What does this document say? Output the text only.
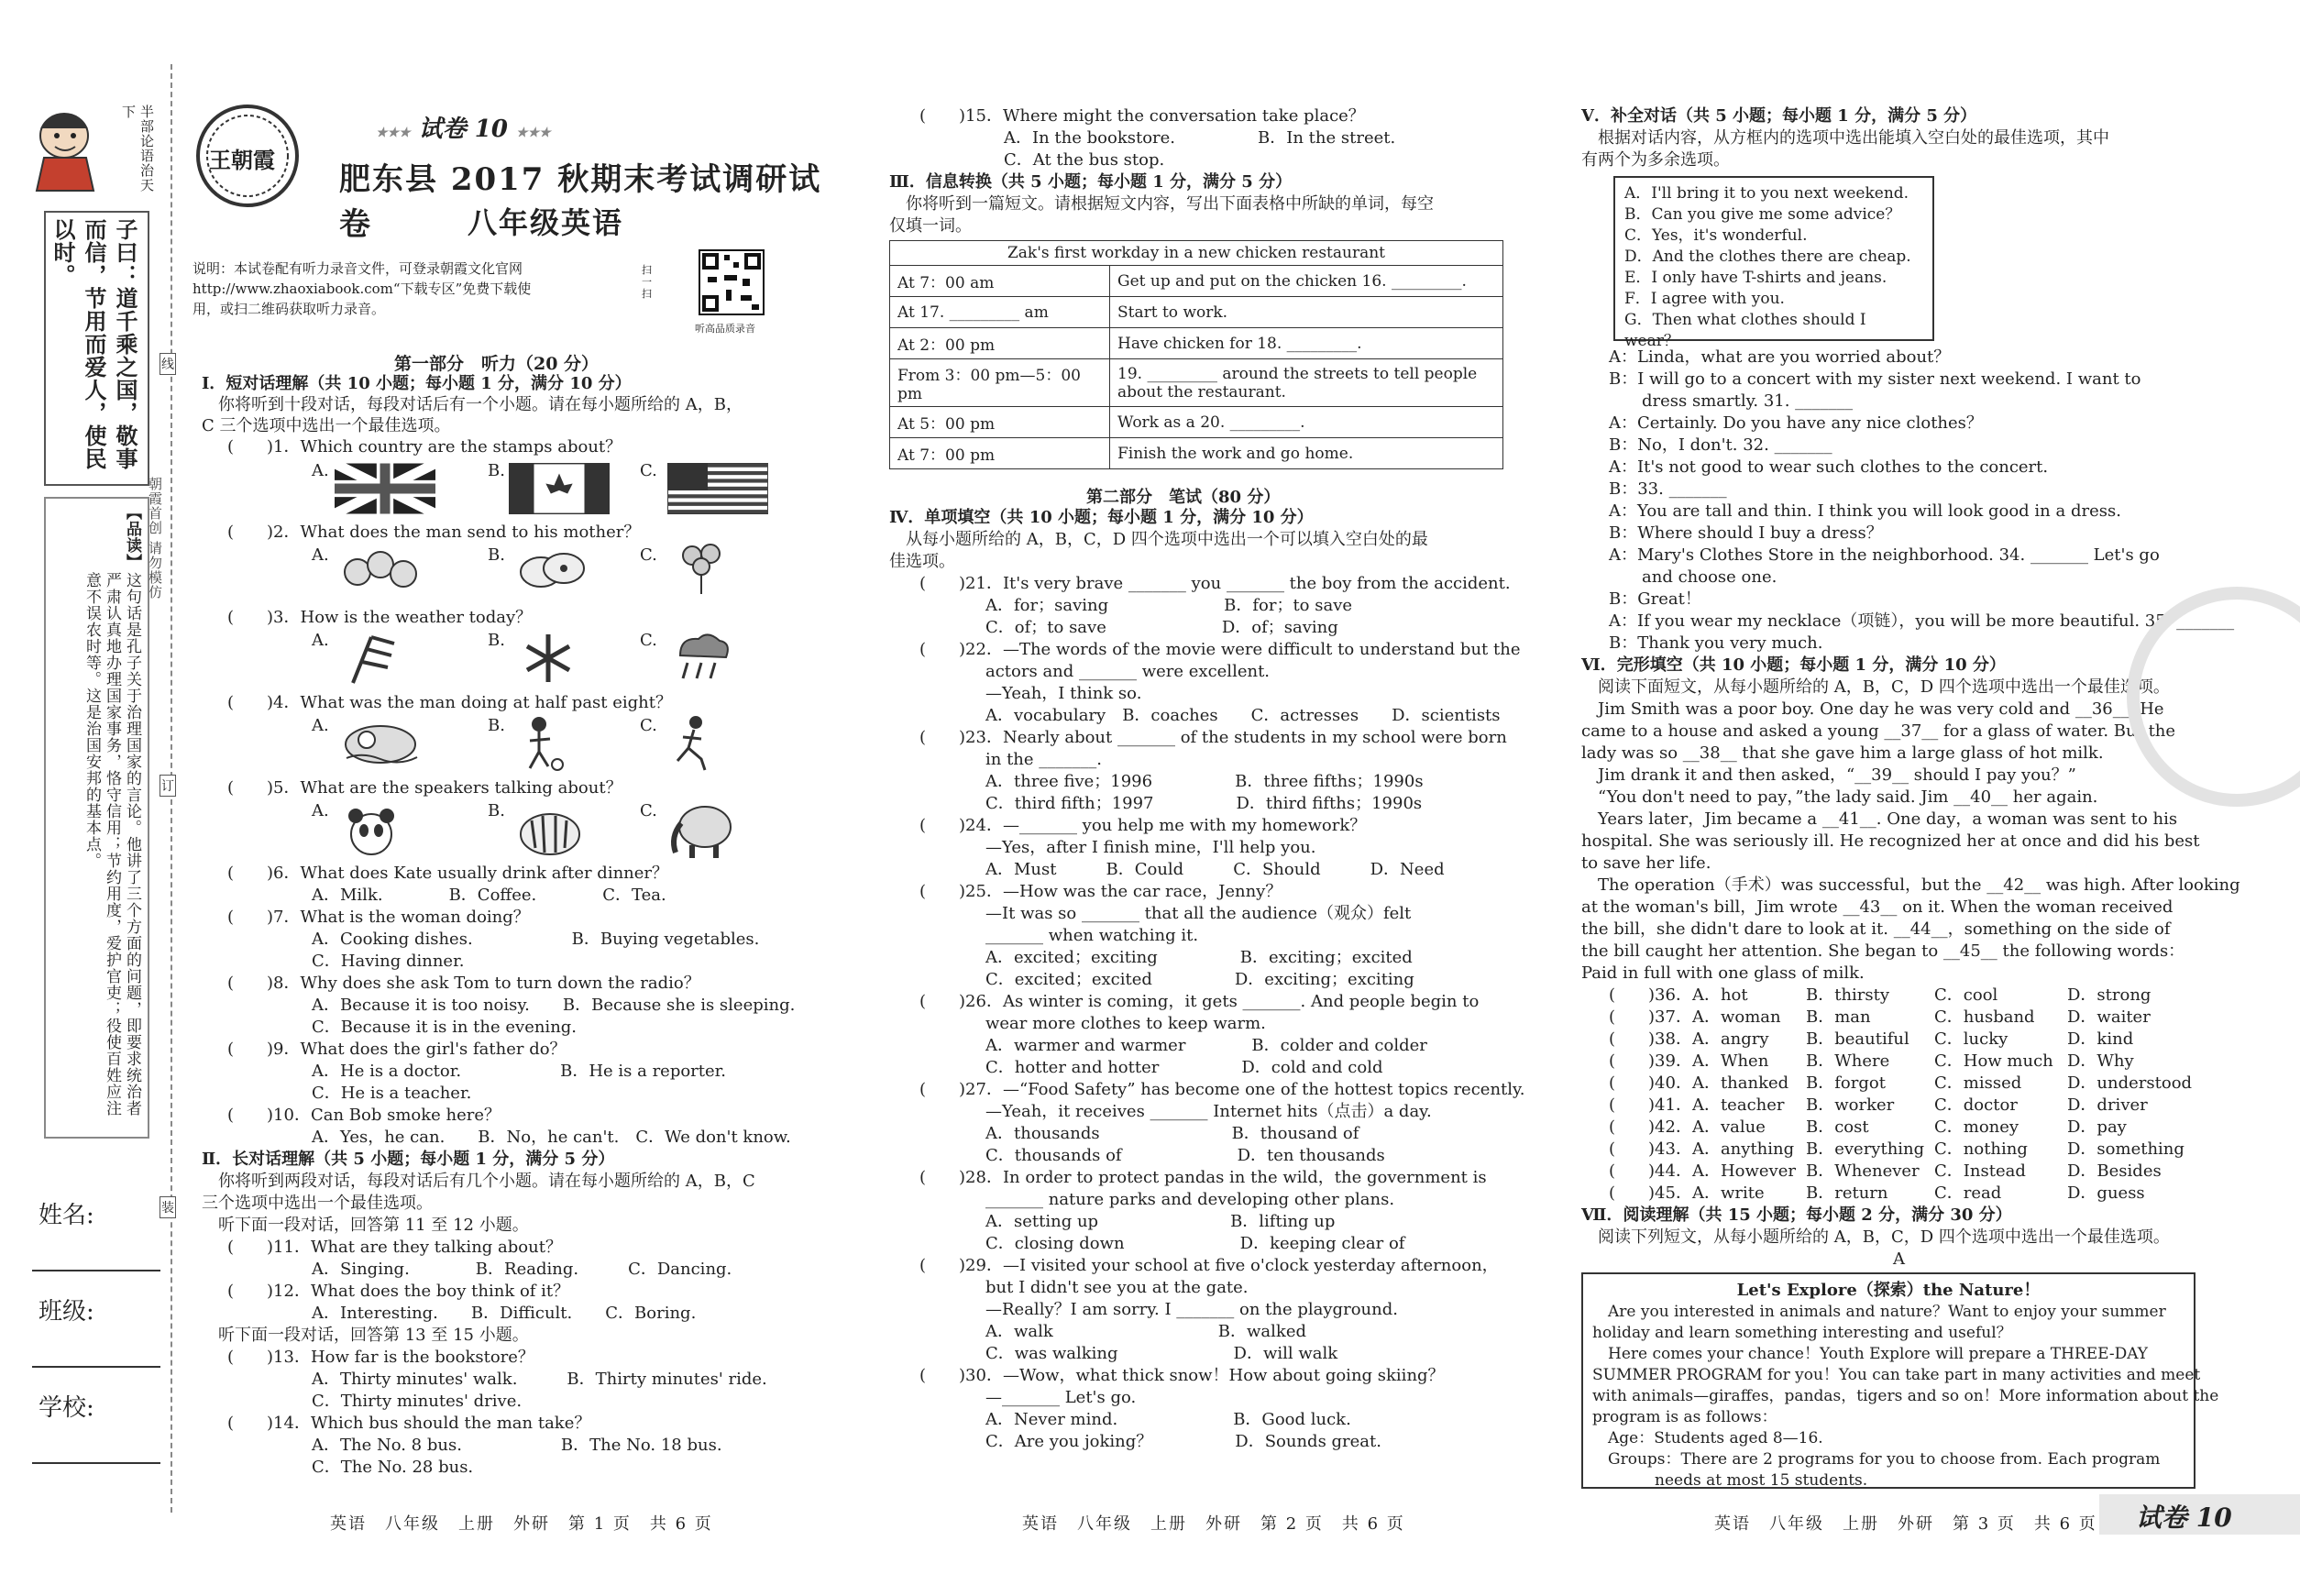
半部论语治天下
子曰：道千乘之国，敬事而信，节用而爱人，使民以时。
【品读】
这句话是孔子关于治理国家的言论。他讲了三个方面的问题，即要求统治者严肃认真地办理国家事务，恪守信用；节约用度，爱护官吏；役使百姓应注意不误农时等。这是治国安邦的基本点。
朝霞首创 请勿模仿
姓名:
班级:
学校:
线
订
装
王朝霞
★★★ 试卷 10 ★★★
肥东县 2017 秋期末考试调研试卷	八年级英语
说明：本试卷配有听力录音文件，可登录朝霞文化官网
http://www.zhaoxiabook.com“下载专区”免费下载使
用，或扫二维码获取听力录音。
扫一扫
听高品质录音
第一部分　听力（20 分）
Ⅰ．短对话理解（共 10 小题；每小题 1 分，满分 10 分）
　你将听到十段对话，每段对话后有一个小题。请在每小题所给的 A，B，
C 三个选项中选出一个最佳选项。
(　　)1．Which country are the stamps about？
A.	B.	C.
(　　)2．What does the man send to his mother？
A.	B.	C.
(　　)3．How is the weather today？
A.	B.	C.
(　　)4．What was the man doing at half past eight？
A.	B.	C.
(　　)5．What are the speakers talking about？
A.	B.	C.
(　　)6．What does Kate usually drink after dinner？
A．Milk.　　　　B．Coffee.　　　　C．Tea.
(　　)7．What is the woman doing？
A．Cooking dishes.　　　　　　B．Buying vegetables.
C．Having dinner.
(　　)8．Why does she ask Tom to turn down the radio？
A．Because it is too noisy.　　B．Because she is sleeping.
C．Because it is in the evening.
(　　)9．What does the girl's father do？
A．He is a doctor.　　　　　　B．He is a reporter.
C．He is a teacher.
(　　)10．Can Bob smoke here？
A．Yes，he can.　　B．No，he can't.　C．We don't know.
Ⅱ．长对话理解（共 5 小题；每小题 1 分，满分 5 分）
　你将听到两段对话，每段对话后有几个小题。请在每小题所给的 A，B，C
三个选项中选出一个最佳选项。
　听下面一段对话，回答第 11 至 12 小题。
(　　)11．What are they talking about？
A．Singing.　　　　B．Reading.　　　C．Dancing.
(　　)12．What does the boy think of it？
A．Interesting.　　B．Difficult.　　C．Boring.
　听下面一段对话，回答第 13 至 15 小题。
(　　)13．How far is the bookstore？
A．Thirty minutes' walk.　　　B．Thirty minutes' ride.
C．Thirty minutes' drive.
(　　)14．Which bus should the man take？
A．The No. 8 bus.　　　　　　B．The No. 18 bus.
C．The No. 28 bus.
英语　八年级　上册　外研　第 1 页　共 6 页
(　　)15．Where might the conversation take place？
A．In the bookstore.　　　　　B．In the street.
C．At the bus stop.
Ⅲ．信息转换（共 5 小题；每小题 1 分，满分 5 分）
　你将听到一篇短文。请根据短文内容，写出下面表格中所缺的单词，每空
仅填一词。
Zak's first workday in a new chicken restaurant	
At 7：00 am	Get up and put on the chicken 16. _________.
At 17. _________ am	Start to work.
At 2：00 pm	Have chicken for 18. _________.
From 3：00 pm—5：00 pm	19. _________ around the streets to tell people about the restaurant.
At 5：00 pm	Work as a 20. _________.
At 7：00 pm	Finish the work and go home.
第二部分　笔试（80 分）
Ⅳ．单项填空（共 10 小题；每小题 1 分，满分 10 分）
　从每小题所给的 A，B，C，D 四个选项中选出一个可以填入空白处的最
佳选项。
(　　)21．It's very brave _______ you _______ the boy from the accident.
　　　　A．for；saving　　　　　　　B．for；to save
　　　　C．of；to save　　　　　　　D．of；saving
(　　)22．—The words of the movie were difficult to understand but the
　　　　actors and _______ were excellent.
　　　　—Yeah，I think so.
　　　　A．vocabulary　B．coaches　　C．actresses　　D．scientists
(　　)23．Nearly about _______ of the students in my school were born
　　　　in the _______.
　　　　A．three five；1996　　　　　B．three fifths；1990s
　　　　C．third fifth；1997　　　　　D．third fifths；1990s
(　　)24．—_______ you help me with my homework？
　　　　—Yes，after I finish mine，I'll help you.
　　　　A．Must　　　B．Could　　　C．Should　　　D．Need
(　　)25．—How was the car race，Jenny？
　　　　—It was so _______ that all the audience（观众）felt
　　　　_______ when watching it.
　　　　A．excited；exciting　　　　　B．exciting；excited
　　　　C．excited；excited　　　　　D．exciting；exciting
(　　)26．As winter is coming，it gets _______. And people begin to
　　　　wear more clothes to keep warm.
　　　　A．warmer and warmer　　　　B．colder and colder
　　　　C．hotter and hotter　　　　　D．cold and cold
(　　)27．—“Food Safety” has become one of the hottest topics recently.
　　　　—Yeah，it receives _______ Internet hits（点击）a day.
　　　　A．thousands　　　　　　　　B．thousand of
　　　　C．thousands of　　　　　　　D．ten thousands
(　　)28．In order to protect pandas in the wild，the government is
　　　　_______ nature parks and developing other plans.
　　　　A．setting up　　　　　　　　B．lifting up
　　　　C．closing down　　　　　　　D．keeping clear of
(　　)29．—I visited your school at five o'clock yesterday afternoon，
　　　　but I didn't see you at the gate.
　　　　—Really？I am sorry. I _______ on the playground.
　　　　A．walk　　　　　　　　　　B．walked
　　　　C．was walking　　　　　　　D．will walk
(　　)30．—Wow，what thick snow！How about going skiing？
　　　　—_______ Let's go.
　　　　A．Never mind.　　　　　　　B．Good luck.
　　　　C．Are you joking？　　　　　D．Sounds great.
英语　八年级　上册　外研　第 2 页　共 6 页
Ⅴ．补全对话（共 5 小题；每小题 1 分，满分 5 分）
　根据对话内容，从方框内的选项中选出能填入空白处的最佳选项，其中
有两个为多余选项。
A．I'll bring it to you next weekend.
B．Can you give me some advice？
C．Yes，it's wonderful.
D．And the clothes there are cheap.
E．I only have T-shirts and jeans.
F．I agree with you.
G．Then what clothes should I wear？
A：Linda，what are you worried about？
B：I will go to a concert with my sister next weekend. I want to
　　dress smartly. 31. _______
A：Certainly. Do you have any nice clothes？
B：No，I don't. 32. _______
A：It's not good to wear such clothes to the concert.
B：33. _______
A：You are tall and thin. I think you will look good in a dress.
B：Where should I buy a dress？
A：Mary's Clothes Store in the neighborhood. 34. _______ Let's go
　　and choose one.
B：Great！
A：If you wear my necklace（项链），you will be more beautiful. 35. _______
B：Thank you very much.
Ⅵ．完形填空（共 10 小题；每小题 1 分，满分 10 分）
　阅读下面短文，从每小题所给的 A，B，C，D 四个选项中选出一个最佳选项。
　Jim Smith was a poor boy. One day he was very cold and __36__. He
came to a house and asked a young __37__ for a glass of water. But the
lady was so __38__ that she gave him a large glass of hot milk.
　Jim drank it and then asked，“__39__ should I pay you？”
　“You don't need to pay，”the lady said. Jim __40__ her again.
　Years later，Jim became a __41__. One day，a woman was sent to his
hospital. She was seriously ill. He recognized her at once and did his best
to save her life.
　The operation（手术）was successful，but the __42__ was high. After looking
at the woman's bill，Jim wrote __43__ on it. When the woman received
the bill，she didn't dare to look at it. __44__，something on the side of
the bill caught her attention. She began to __45__ the following words：
Paid in full with one glass of milk.
(　　)36．A．hot	B．thirsty	C．cool	D．strong
(　　)37．A．woman B．man	C．husband D．waiter
(　　)38．A．angry B．beautiful C．lucky	D．kind
(　　)39．A．When B．Where	C．How much D．Why
(　　)40．A．thanked B．forgot	C．missed	D．understood
(　　)41．A．teacher B．worker C．doctor	D．driver
(　　)42．A．value B．cost	C．money	D．pay
(　　)43．A．anything B．everything C．nothing D．something
(　　)44．A．However B．Whenever C．Instead	D．Besides
(　　)45．A．write	B．return	C．read	D．guess
Ⅶ．阅读理解（共 15 小题；每小题 2 分，满分 30 分）
　阅读下列短文，从每小题所给的 A，B，C，D 四个选项中选出一个最佳选项。
A
Let's Explore（探索）the Nature！
　Are you interested in animals and nature？Want to enjoy your summer
holiday and learn something interesting and useful？
　Here comes your chance！Youth Explore will prepare a THREE-DAY
SUMMER PROGRAM for you！You can take part in many activities and meet
with animals—giraffes，pandas，tigers and so on！More information about the
program is as follows：
　Age：Students aged 8—16.
　Groups：There are 2 programs for you to choose from. Each program
　　　　needs at most 15 students.
英语　八年级　上册　外研　第 3 页　共 6 页 试卷 10
